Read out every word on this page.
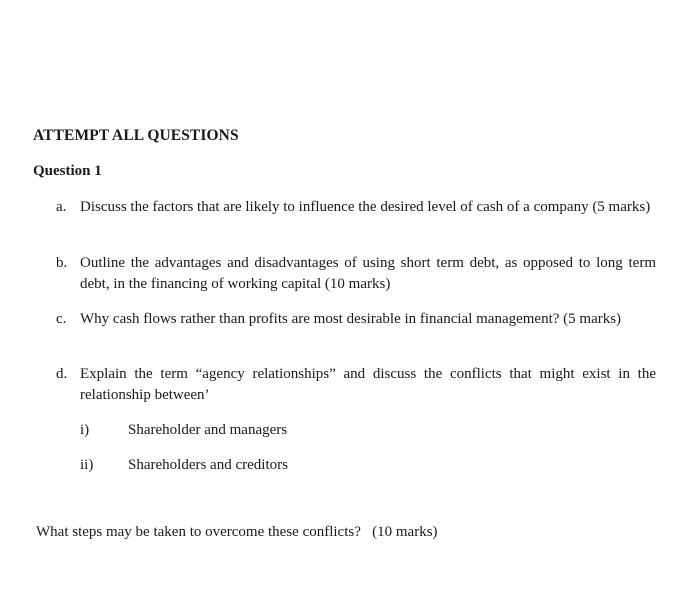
ATTEMPT ALL QUESTIONS
Question 1
a. Discuss the factors that are likely to influence the desired level of cash of a company (5 marks)
b. Outline the advantages and disadvantages of using short term debt, as opposed to long term debt, in the financing of working capital (10 marks)
c. Why cash flows rather than profits are most desirable in financial management? (5 marks)
d. Explain the term “agency relationships” and discuss the conflicts that might exist in the relationship between’
i)	Shareholder and managers
ii) Shareholders and creditors
What steps may be taken to overcome these conflicts?   (10 marks)
